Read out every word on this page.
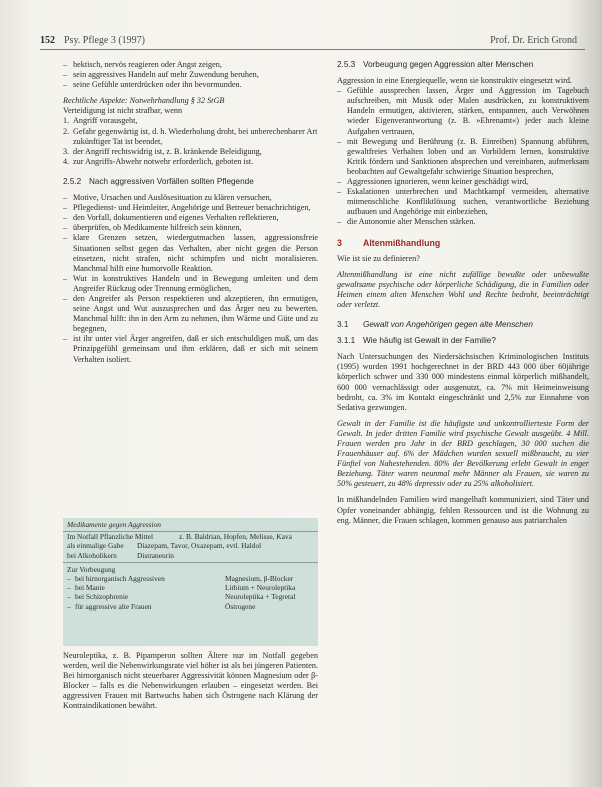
152 Psy. Pflege 3 (1997)	Prof. Dr. Erich Grond
– hektisch, nervös reagieren oder Angst zeigen,
– sein aggressives Handeln auf mehr Zuwendung beruhen,
– seine Gefühle unterdrücken oder ihn bevormunden.

Rechtliche Aspekte: Notwehrhandlung § 32 StGB

Verteidigung ist nicht strafbar, wenn

1. Angriff vorausgeht,
2. Gefahr gegenwärtig ist, d. h. Wiederholung droht, bei unberechenbarer Art zukünftiger Tat ist beendet,
3. der Angriff rechtswidrig ist, z. B. kränkende Beleidigung,
4. zur Angriffs-Abwehr notwehr erforderlich, geboten ist.
2.5.2 Nach aggressiven Vorfällen sollten Pflegende
– Motive, Ursachen und Auslösesituation zu klären versuchen,
– Pflegedienst- und Heimleiter, Angehörige und Betreuer benachrichtigen,
– den Vorfall, dokumentieren und eigenes Verhalten reflektieren,
– überprüfen, ob Medikamente hilfreich sein können,
– klare Grenzen setzen, wiedergutmachen lassen, aggressionsfreie Situationen selbst gegen das Verhalten, aber nicht gegen die Person einsetzen, nicht strafen, nicht schimpfen und nicht moralisieren. Manchmal hilft eine humorvolle Reaktion.
– Wut in konstruktives Handeln und in Bewegung umleiten und dem Angreifer Rückzug oder Trennung ermöglichen,
– den Angreifer als Person respektieren und akzeptieren, ihn ermutigen, seine Angst und Wut auszusprechen und das Ärger neu zu bewerten. Manchmal hilft: ihn in den Arm zu nehmen, ihm Wärme und Güte und zu begegnen,
– ist ihr unter viel Ärger angreifen, daß er sich entschuldigen muß, um das Prinzipgefühl gemeinsam und ihm erklären, daß er sich mit seinem Verhalten isoliert.
Medikamente gegen Aggression
Im Notfall Pflanzliche Mittel	z. B. Baldrian, Hopfen, Melisse, Kava
als einmalige Gabe	Diazepam, Tavor, Oxazepam, evtl. Haldol
bei Alkoholikern	Distraneurin
Zur Vorbeugung
– bei hirnorganisch Aggressiven	Magnesium, β-Blocker
– bei Manie	Lithium + Neuroleptika
– bei Schizophrenie	Neuroleptika + Tegretal
– für aggressive alte Frauen	Östrogene

Neuroleptika, z. B. Pipamperon sollten Ältere nur im Notfall gegeben werden, weil die Nebenwirkungsrate viel höher ist als bei jüngeren Patienten. Bei hirnorganisch nicht steuerbarer Aggressivität können Magnesium oder β-Blocker – falls es die Nebenwirkungen erlauben – eingesetzt werden. Bei aggressiven Frauen mit Bartwuchs haben sich Östrogene nach Klärung der Kontraindikationen bewährt.

2.5.3 Vorbeugung gegen Aggression alter Menschen

Aggression in eine Energiequelle, wenn sie konstruktiv eingesetzt wird.

– Gefühle aussprechen lassen, Ärger und Aggression im Tagebuch aufschreiben, mit Musik oder Malen ausdrücken, zu konstruktivem Handeln ermutigen, aktivieren, stärken, entspannen, auch Verwöhnen wieder Eigenverantwortung (z. B. »Ehrenamt«) jeder auch kleine Aufgaben vertrauen,
– mit Bewegung und Berührung (z. B. Einreiben) Spannung abführen, gewaltfreies Verhalten loben und an Vorbildern lernen, konstruktive Kritik fördern und Sanktionen absprechen und vereinbaren, aufmerksam beobachten auf Gewaltgefahr schwierige Situation besprechen,
– Aggressionen ignorieren, wenn keiner geschädigt wird,
– Eskalationen unterbrechen und Machtkampf vermeiden, alternative mitmenschliche Konfliktlösung suchen, verantwortliche Beziehung aufbauen und Angehörige mit einbeziehen,
– die Autonomie alter Menschen stärken.
3	Altenmißhandlung

Wie ist sie zu definieren?

Altenmißhandlung ist eine nicht zufällige bewußte oder unbewußte gewaltsame psychische oder körperliche Schädigung, die in Familien oder Heimen einem alten Menschen Wohl und Rechte bedroht, beeinträchtigt oder verletzt.

3.1	Gewalt von Angehörigen gegen alte Menschen
3.1.1 Wie häufig ist Gewalt in der Familie?

Nach Untersuchungen des Niedersächsischen Kriminologischen Instituts (1995) wurden 1991 hochgerechnet in der BRD 443 000 über 60jährige körperlich schwer und 330 000 mindestens einmal körperlich mißhandelt, 600 000 vernachlässigt oder ausgenutzt, ca. 7% mit Heimeinweisung bedroht, ca. 3% im Kontakt eingeschränkt und 2,5% zur Einnahme von Sedativa gezwungen.

Gewalt in der Familie ist die häufigste und unkontrollierteste Form der Gewalt. In jeder dritten Familie wird psychische Gewalt ausgeübt. 4 Mill. Frauen werden pro Jahr in der BRD geschlagen, 30 000 suchen die Frauenhäuser auf. 6% der Mädchen wurden sexuell mißbraucht, zu vier Fünftel von Nahestehenden. 80% der Bevölkerung erlebt Gewalt in enger Beziehung. Täter waren neunmal mehr Männer als Frauen, sie waren zu 50% gesteuert, zu 48% depressiv oder zu 25% alkoholisiert.

In mißhandelnden Familien wird mangelhaft kommuniziert, sind Täter und Opfer voneinander abhängig, fehlen Ressourcen und ist die Wohnung zu eng. Männer, die Frauen schlagen, kommen genauso aus patriarchalen
